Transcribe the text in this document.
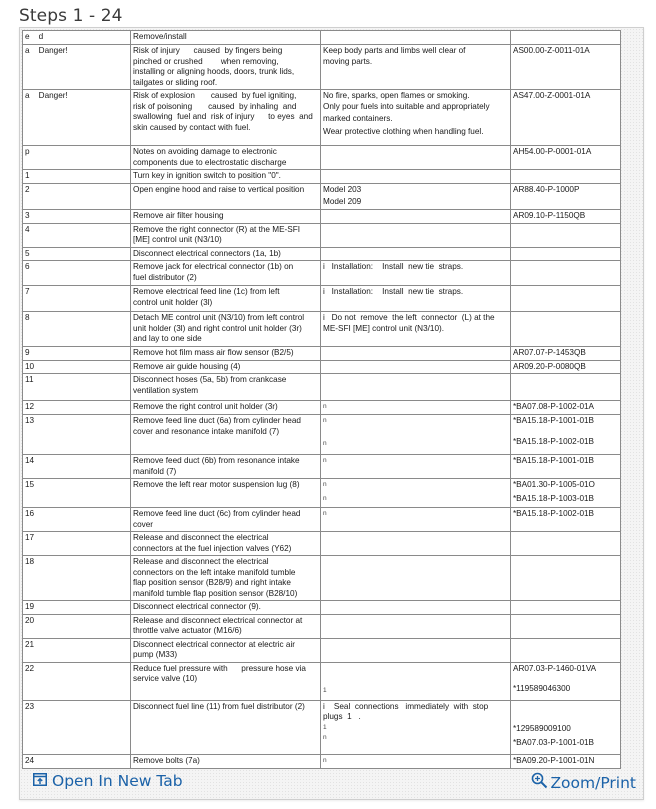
Steps 1 - 24
e    d	Remove/install		
a    Danger!	Risk of injury      caused  by fingers being
pinched or crushed        when removing,
installing or aligning hoods, doors, trunk lids,
tailgates or sliding roof.	Keep body parts and limbs well clear of
moving parts.	AS00.00-Z-0011-01A

a    Danger!	Risk of explosion       caused  by fuel igniting,
risk of poisoning       caused  by inhaling  and
swallowing  fuel and  risk of injury      to eyes  and
skin caused by contact with fuel.	No fire, sparks, open flames or smoking.
Only pour fuels into suitable and appropriately
marked containers.
Wear protective clothing when handling fuel.	AS47.00-Z-0001-01A

p	Notes on avoiding damage to electronic
components due to electrostatic discharge		AH54.00-P-0001-01A

1	Turn key in ignition switch to position "0".		

2	Open engine hood and raise to vertical position	Model 203
Model 209	AR88.40-P-1000P

3	Remove air filter housing		AR09.10-P-1150QB

4	Remove the right connector (R) at the ME-SFI
[ME] control unit (N3/10)		

5	Disconnect electrical connectors (1a, 1b)		

6	Remove jack for electrical connector (1b) on
fuel distributor (2)	i   Installation:    Install  new tie  straps.	

7	Remove electrical feed line (1c) from left
control unit holder (3l)	i   Installation:    Install  new tie  straps.	

8	Detach ME control unit (N3/10) from left control
unit holder (3l) and right control unit holder (3r)
and lay to one side	i   Do not  remove  the left  connector  (L) at the
ME-SFI [ME] control unit (N3/10).	

9	Remove hot film mass air flow sensor (B2/5)		AR07.07-P-1453QB

10	Remove air guide housing (4)		AR09.20-P-0080QB

11	Disconnect hoses (5a, 5b) from crankcase
ventilation system		

12	Remove the right control unit holder (3r)	n	*BA07.08-P-1002-01A

13	Remove feed line duct (6a) from cylinder head
cover and resonance intake manifold (7)	n
n	*BA15.18-P-1001-01B
*BA15.18-P-1002-01B

14	Remove feed duct (6b) from resonance intake
manifold (7)	n	*BA15.18-P-1001-01B

15	Remove the left rear motor suspension lug (8)	n
n	*BA01.30-P-1005-01O
*BA15.18-P-1003-01B

16	Remove feed line duct (6c) from cylinder head
cover	n	*BA15.18-P-1002-01B

17	Release and disconnect the electrical
connectors at the fuel injection valves (Y62)		

18	Release and disconnect the electrical
connectors on the left intake manifold tumble
flap position sensor (B28/9) and right intake
manifold tumble flap position sensor (B28/10)		

19	Disconnect electrical connector (9).		

20	Release and disconnect electrical connector at
throttle valve actuator (M16/6)		

21	Disconnect electrical connector at electric air
pump (M33)		

22	Reduce fuel pressure with      pressure hose via
service valve (10)	1	AR07.03-P-1460-01VA
*119589046300

23	Disconnect fuel line (11) from fuel distributor (2)	i    Seal  connections   immediately  with  stop
plugs  1   .
1
n	*129589009100
*BA07.03-P-1001-01B

24	Remove bolts (7a)	n	*BA09.20-P-1001-01N
Open In New Tab	Zoom/Print
